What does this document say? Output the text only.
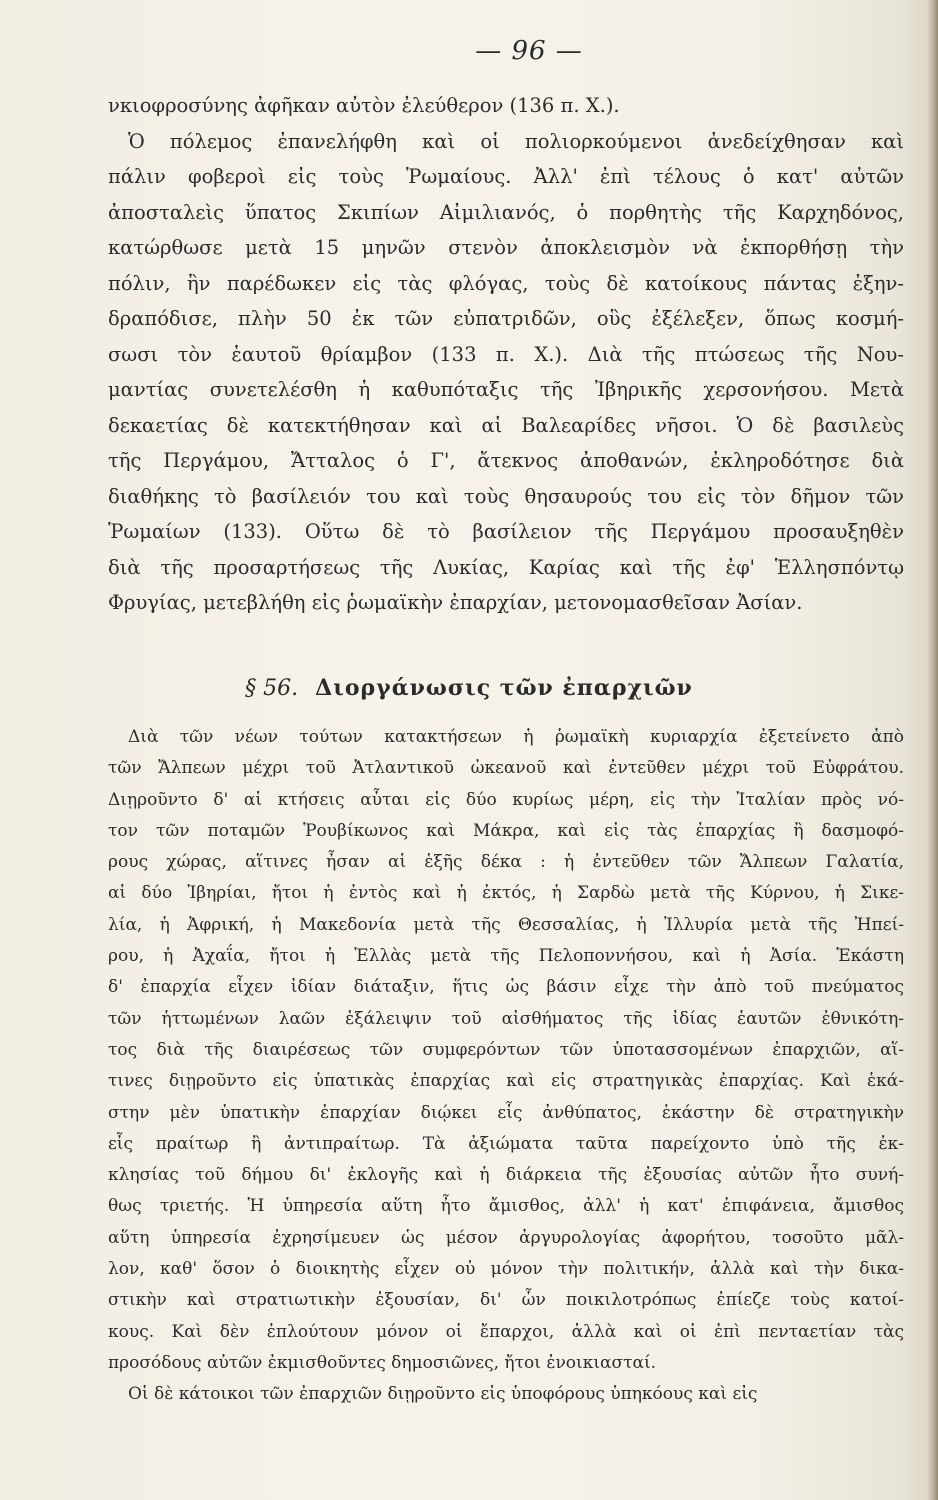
— 96 —
νκιοφροσύνης ἀφῆκαν αὐτὸν ἐλεύθερον (136 π. Χ.).
Ὁ πόλεμος ἐπανελήφθη καὶ οἱ πολιορκούμενοι ἀνεδείχθησαν καὶ
πάλιν φοβεροὶ εἰς τοὺς Ῥωμαίους. Ἀλλ' ἐπὶ τέλους ὁ κατ' αὐτῶν
ἀποσταλεὶς ὕπατος Σκιπίων Αἰμιλιανός, ὁ πορθητὴς τῆς Καρχηδόνος,
κατώρθωσε μετὰ 15 μηνῶν στενὸν ἀποκλεισμὸν νὰ ἐκπορθήσῃ τὴν
πόλιν, ἣν παρέδωκεν εἰς τὰς φλόγας, τοὺς δὲ κατοίκους πάντας ἐξην-
δραπόδισε, πλὴν 50 ἐκ τῶν εὐπατριδῶν, οὓς ἐξέλεξεν, ὅπως κοσμή-
σωσι τὸν ἑαυτοῦ θρίαμβον (133 π. Χ.). Διὰ τῆς πτώσεως τῆς Νου-
μαντίας συνετελέσθη ἡ καθυπόταξις τῆς Ἰβηρικῆς χερσονήσου. Μετὰ
δεκαετίας δὲ κατεκτήθησαν καὶ αἱ Βαλεαρίδες νῆσοι. Ὁ δὲ βασιλεὺς
τῆς Περγάμου, Ἄτταλος ὁ Γ', ἄτεκνος ἀποθανών, ἐκληροδότησε διὰ
διαθήκης τὸ βασίλειόν του καὶ τοὺς θησαυρούς του εἰς τὸν δῆμον τῶν
Ῥωμαίων (133). Οὕτω δὲ τὸ βασίλειον τῆς Περγάμου προσαυξηθὲν
διὰ τῆς προσαρτήσεως τῆς Λυκίας, Καρίας καὶ τῆς ἐφ' Ἑλλησπόντῳ
Φρυγίας, μετεβλήθη εἰς ῥωμαϊκὴν ἐπαρχίαν, μετονομασθεῖσαν Ἀσίαν.
§ 56. Διοργάνωσις τῶν ἐπαρχιῶν
Διὰ τῶν νέων τούτων κατακτήσεων ἡ ῥωμαϊκὴ κυριαρχία ἐξετείνετο ἀπὸ
τῶν Ἄλπεων μέχρι τοῦ Ἀτλαντικοῦ ὠκεανοῦ καὶ ἐντεῦθεν μέχρι τοῦ Εὐφράτου.
Διῃροῦντο δ' αἱ κτήσεις αὗται εἰς δύο κυρίως μέρη, εἰς τὴν Ἰταλίαν πρὸς νό-
τον τῶν ποταμῶν Ῥουβίκωνος καὶ Μάκρα, καὶ εἰς τὰς ἐπαρχίας ἢ δασμοφό-
ρους χώρας, αἵτινες ἦσαν αἱ ἑξῆς δέκα : ἡ ἐντεῦθεν τῶν Ἄλπεων Γαλατία,
αἱ δύο Ἰβηρίαι, ἤτοι ἡ ἐντὸς καὶ ἡ ἐκτός, ἡ Σαρδὼ μετὰ τῆς Κύρνου, ἡ Σικε-
λία, ἡ Ἀφρική, ἡ Μακεδονία μετὰ τῆς Θεσσαλίας, ἡ Ἰλλυρία μετὰ τῆς Ἠπεί-
ρου, ἡ Ἀχαΐα, ἤτοι ἡ Ἑλλὰς μετὰ τῆς Πελοποννήσου, καὶ ἡ Ἀσία. Ἑκάστη
δ' ἐπαρχία εἶχεν ἰδίαν διάταξιν, ἥτις ὡς βάσιν εἶχε τὴν ἀπὸ τοῦ πνεύματος
τῶν ἡττωμένων λαῶν ἐξάλειψιν τοῦ αἰσθήματος τῆς ἰδίας ἑαυτῶν ἐθνικότη-
τος διὰ τῆς διαιρέσεως τῶν συμφερόντων τῶν ὑποτασσομένων ἐπαρχιῶν, αἵ-
τινες διῃροῦντο εἰς ὑπατικὰς ἐπαρχίας καὶ εἰς στρατηγικὰς ἐπαρχίας. Καὶ ἑκά-
στην μὲν ὑπατικὴν ἐπαρχίαν διῴκει εἷς ἀνθύπατος, ἑκάστην δὲ στρατηγικὴν
εἷς πραίτωρ ἢ ἀντιπραίτωρ. Τὰ ἀξιώματα ταῦτα παρείχοντο ὑπὸ τῆς ἐκ-
κλησίας τοῦ δήμου δι' ἐκλογῆς καὶ ἡ διάρκεια τῆς ἐξουσίας αὐτῶν ἦτο συνή-
θως τριετής. Ἡ ὑπηρεσία αὕτη ἦτο ἄμισθος, ἀλλ' ἡ κατ' ἐπιφάνεια, ἄμισθος
αὕτη ὑπηρεσία ἐχρησίμευεν ὡς μέσον ἀργυρολογίας ἀφορήτου, τοσοῦτο μᾶλ-
λον, καθ' ὅσον ὁ διοικητὴς εἶχεν οὐ μόνον τὴν πολιτικήν, ἀλλὰ καὶ τὴν δικα-
στικὴν καὶ στρατιωτικὴν ἐξουσίαν, δι' ὧν ποικιλοτρόπως ἐπίεζε τοὺς κατοί-
κους. Καὶ δὲν ἐπλούτουν μόνον οἱ ἔπαρχοι, ἀλλὰ καὶ οἱ ἐπὶ πενταετίαν τὰς
προσόδους αὐτῶν ἐκμισθοῦντες δημοσιῶνες, ἤτοι ἐνοικιασταί.
Οἱ δὲ κάτοικοι τῶν ἐπαρχιῶν διῃροῦντο εἰς ὑποφόρους ὑπηκόους καὶ εἰς
